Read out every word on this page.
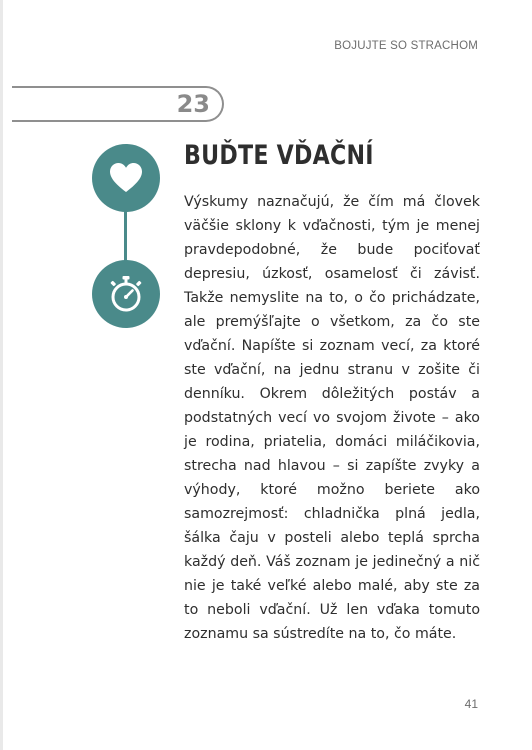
BOJUJTE SO STRACHOM
23
BUĎTE VĎAČNÍ

Výskumy naznačujú, že čím má človek väčšie sklony k vďačnosti, tým je menej pravdepodobné, že bude pociťovať depresiu, úzkosť, osamelosť či závisť. Takže nemyslite na to, o čo prichádzate, ale premýšľajte o všetkom, za čo ste vďační. Napíšte si zoznam vecí, za ktoré ste vďační, na jednu stranu v zošite či denníku. Okrem dôležitých postáv a podstatných vecí vo svojom živote – ako je rodina, priatelia, domáci miláčikovia, strecha nad hlavou – si zapíšte zvyky a výhody, ktoré možno beriete ako samozrejmosť: chladnička plná jedla, šálka čaju v posteli alebo teplá sprcha každý deň. Váš zoznam je jedinečný a nič nie je také veľké alebo malé, aby ste za to neboli vďační. Už len vďaka tomuto zoznamu sa sústredíte na to, čo máte.

41
